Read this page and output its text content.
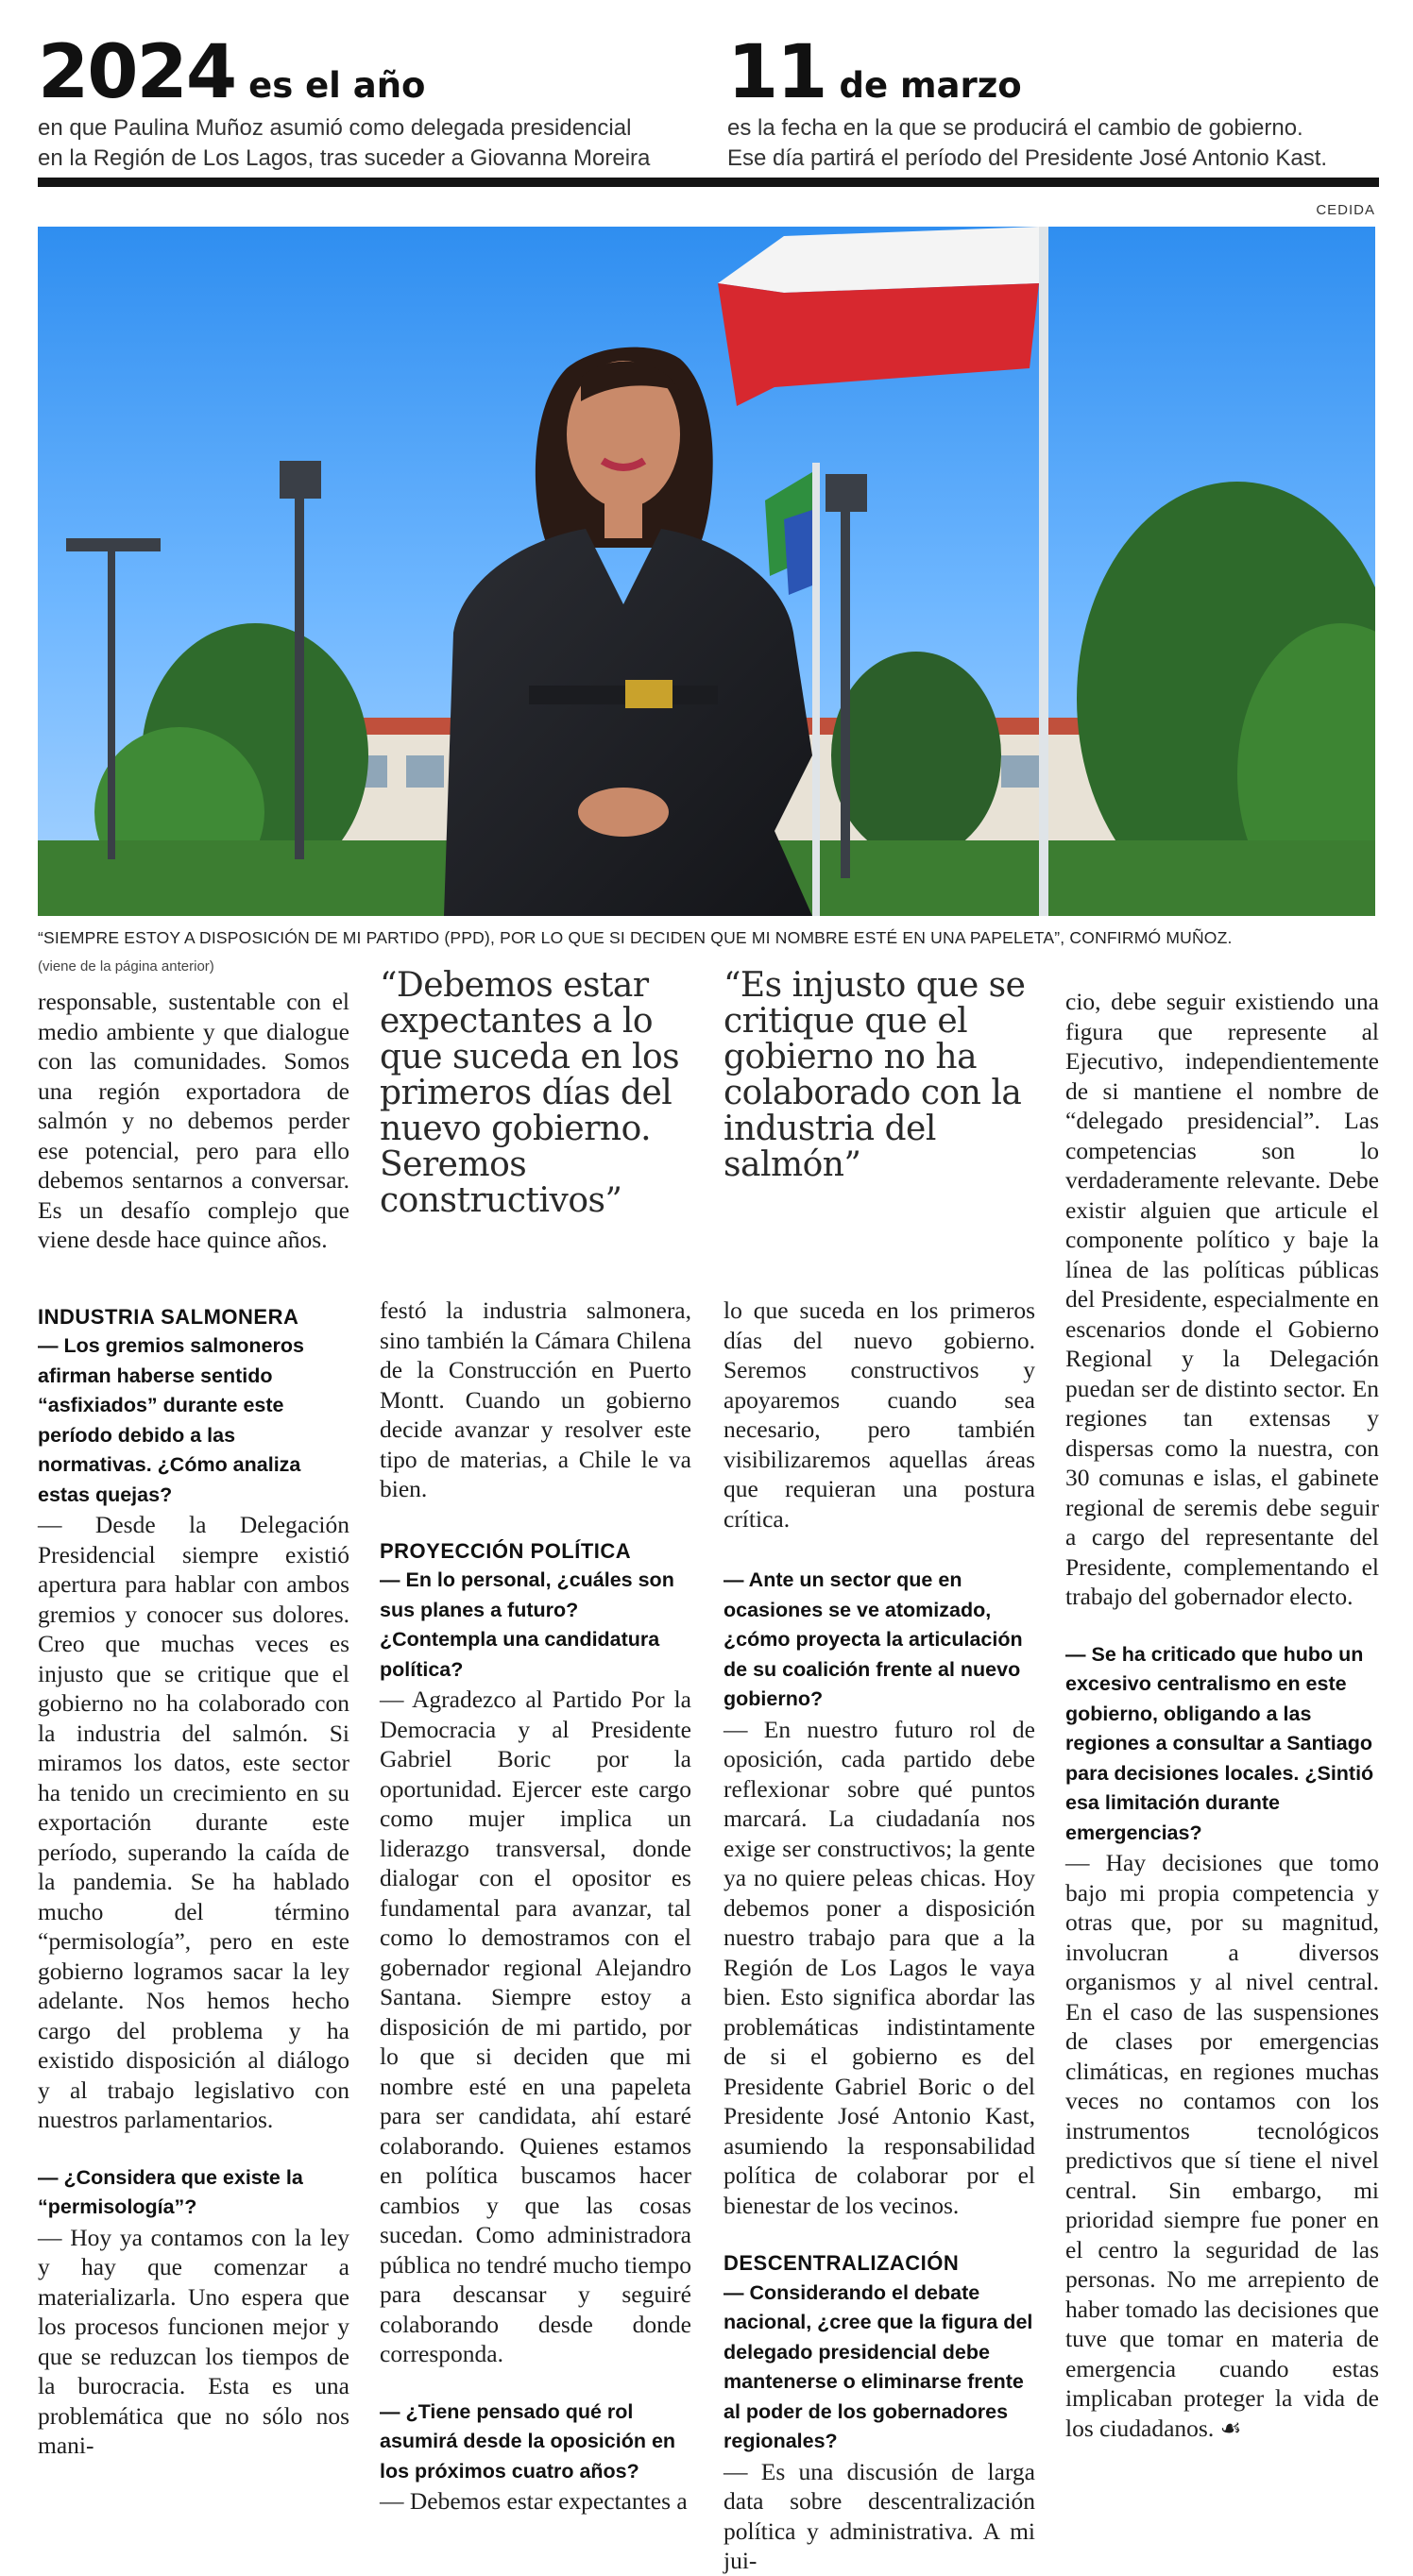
2024 es el año
en que Paulina Muñoz asumió como delegada presidencial
en la Región de Los Lagos, tras suceder a Giovanna Moreira
11 de marzo
es la fecha en la que se producirá el cambio de gobierno.
Ese día partirá el período del Presidente José Antonio Kast.
CEDIDA
“SIEMPRE ESTOY A DISPOSICIÓN DE MI PARTIDO (PPD), POR LO QUE SI DECIDEN QUE MI NOMBRE ESTÉ EN UNA PAPELETA”, CONFIRMÓ MUÑOZ.
(viene de la página anterior)	“Debemos estar expectantes a lo que suceda en los primeros días del nuevo gobierno. Seremos constructivos”
“Es injusto que se critique que el gobierno no ha colaborado con la industria del salmón”

responsable, sustentable con el medio ambiente y que dialogue con las comunidades. Somos una región exportadora de salmón y no debemos perder ese potencial, pero para ello debemos sentarnos a conversar. Es un desafío complejo que viene desde hace quince años.

INDUSTRIA SALMONERA

— Los gremios salmoneros afirman haberse sentido “asfixiados” durante este período debido a las normativas. ¿Cómo analiza estas quejas?

— Desde la Delegación Presidencial siempre existió apertura para hablar con ambos gremios y conocer sus dolores. Creo que muchas veces es injusto que se critique que el gobierno no ha colaborado con la industria del salmón. Si miramos los datos, este sector ha tenido un crecimiento en su exportación durante este período, superando la caída de la pandemia. Se ha hablado mucho del término “permisología”, pero en este gobierno logramos sacar la ley adelante. Nos hemos hecho cargo del problema y ha existido disposición al diálogo y al trabajo legislativo con nuestros parlamentarios.

— ¿Considera que existe la “permisología”?

— Hoy ya contamos con la ley y hay que comenzar a materializarla. Uno espera que los procesos funcionen mejor y que se reduzcan los tiempos de la burocracia. Esta es una problemática que no sólo nos mani-

festó la industria salmonera, sino también la Cámara Chilena de la Construcción en Puerto Montt. Cuando un gobierno decide avanzar y resolver este tipo de materias, a Chile le va bien.

PROYECCIÓN POLÍTICA

— En lo personal, ¿cuáles son sus planes a futuro? ¿Contempla una candidatura política?

— Agradezco al Partido Por la Democracia y al Presidente Gabriel Boric por la oportunidad. Ejercer este cargo como mujer implica un liderazgo transversal, donde dialogar con el opositor es fundamental para avanzar, tal como lo demostramos con el gobernador regional Alejandro Santana. Siempre estoy a disposición de mi partido, por lo que si deciden que mi nombre esté en una papeleta para ser candidata, ahí estaré colaborando. Quienes estamos en política buscamos hacer cambios y que las cosas sucedan. Como administradora pública no tendré mucho tiempo para descansar y seguiré colaborando desde donde corresponda.

— ¿Tiene pensado qué rol asumirá desde la oposición en los próximos cuatro años?

— Debemos estar expectantes a

lo que suceda en los primeros días del nuevo gobierno. Seremos constructivos y apoyaremos cuando sea necesario, pero también visibilizaremos aquellas áreas que requieran una postura crítica.

— Ante un sector que en ocasiones se ve atomizado, ¿cómo proyecta la articulación de su coalición frente al nuevo gobierno?

— En nuestro futuro rol de oposición, cada partido debe reflexionar sobre qué puntos marcará. La ciudadanía nos exige ser constructivos; la gente ya no quiere peleas chicas. Hoy debemos poner a disposición nuestro trabajo para que a la Región de Los Lagos le vaya bien. Esto significa abordar las problemáticas indistintamente de si el gobierno es del Presidente Gabriel Boric o del Presidente José Antonio Kast, asumiendo la responsabilidad política de colaborar por el bienestar de los vecinos.

DESCENTRALIZACIÓN

— Considerando el debate nacional, ¿cree que la figura del delegado presidencial debe mantenerse o eliminarse frente al poder de los gobernadores regionales?

— Es una discusión de larga data sobre descentralización política y administrativa. A mi jui-

cio, debe seguir existiendo una figura que represente al Ejecutivo, independientemente de si mantiene el nombre de “delegado presidencial”. Las competencias son lo verdaderamente relevante. Debe existir alguien que articule el componente político y baje la línea de las políticas públicas del Presidente, especialmente en escenarios donde el Gobierno Regional y la Delegación puedan ser de distinto sector. En regiones tan extensas y dispersas como la nuestra, con 30 comunas e islas, el gabinete regional de seremis debe seguir a cargo del representante del Presidente, complementando el trabajo del gobernador electo.

— Se ha criticado que hubo un excesivo centralismo en este gobierno, obligando a las regiones a consultar a Santiago para decisiones locales. ¿Sintió esa limitación durante emergencias?

— Hay decisiones que tomo bajo mi propia competencia y otras que, por su magnitud, involucran a diversos organismos y al nivel central. En el caso de las suspensiones de clases por emergencias climáticas, en regiones muchas veces no contamos con los instrumentos tecnológicos predictivos que sí tiene el nivel central. Sin embargo, mi prioridad siempre fue poner en el centro la seguridad de las personas. No me arrepiento de haber tomado las decisiones que tuve que tomar en materia de emergencia cuando estas implicaban proteger la vida de los ciudadanos. ☙
